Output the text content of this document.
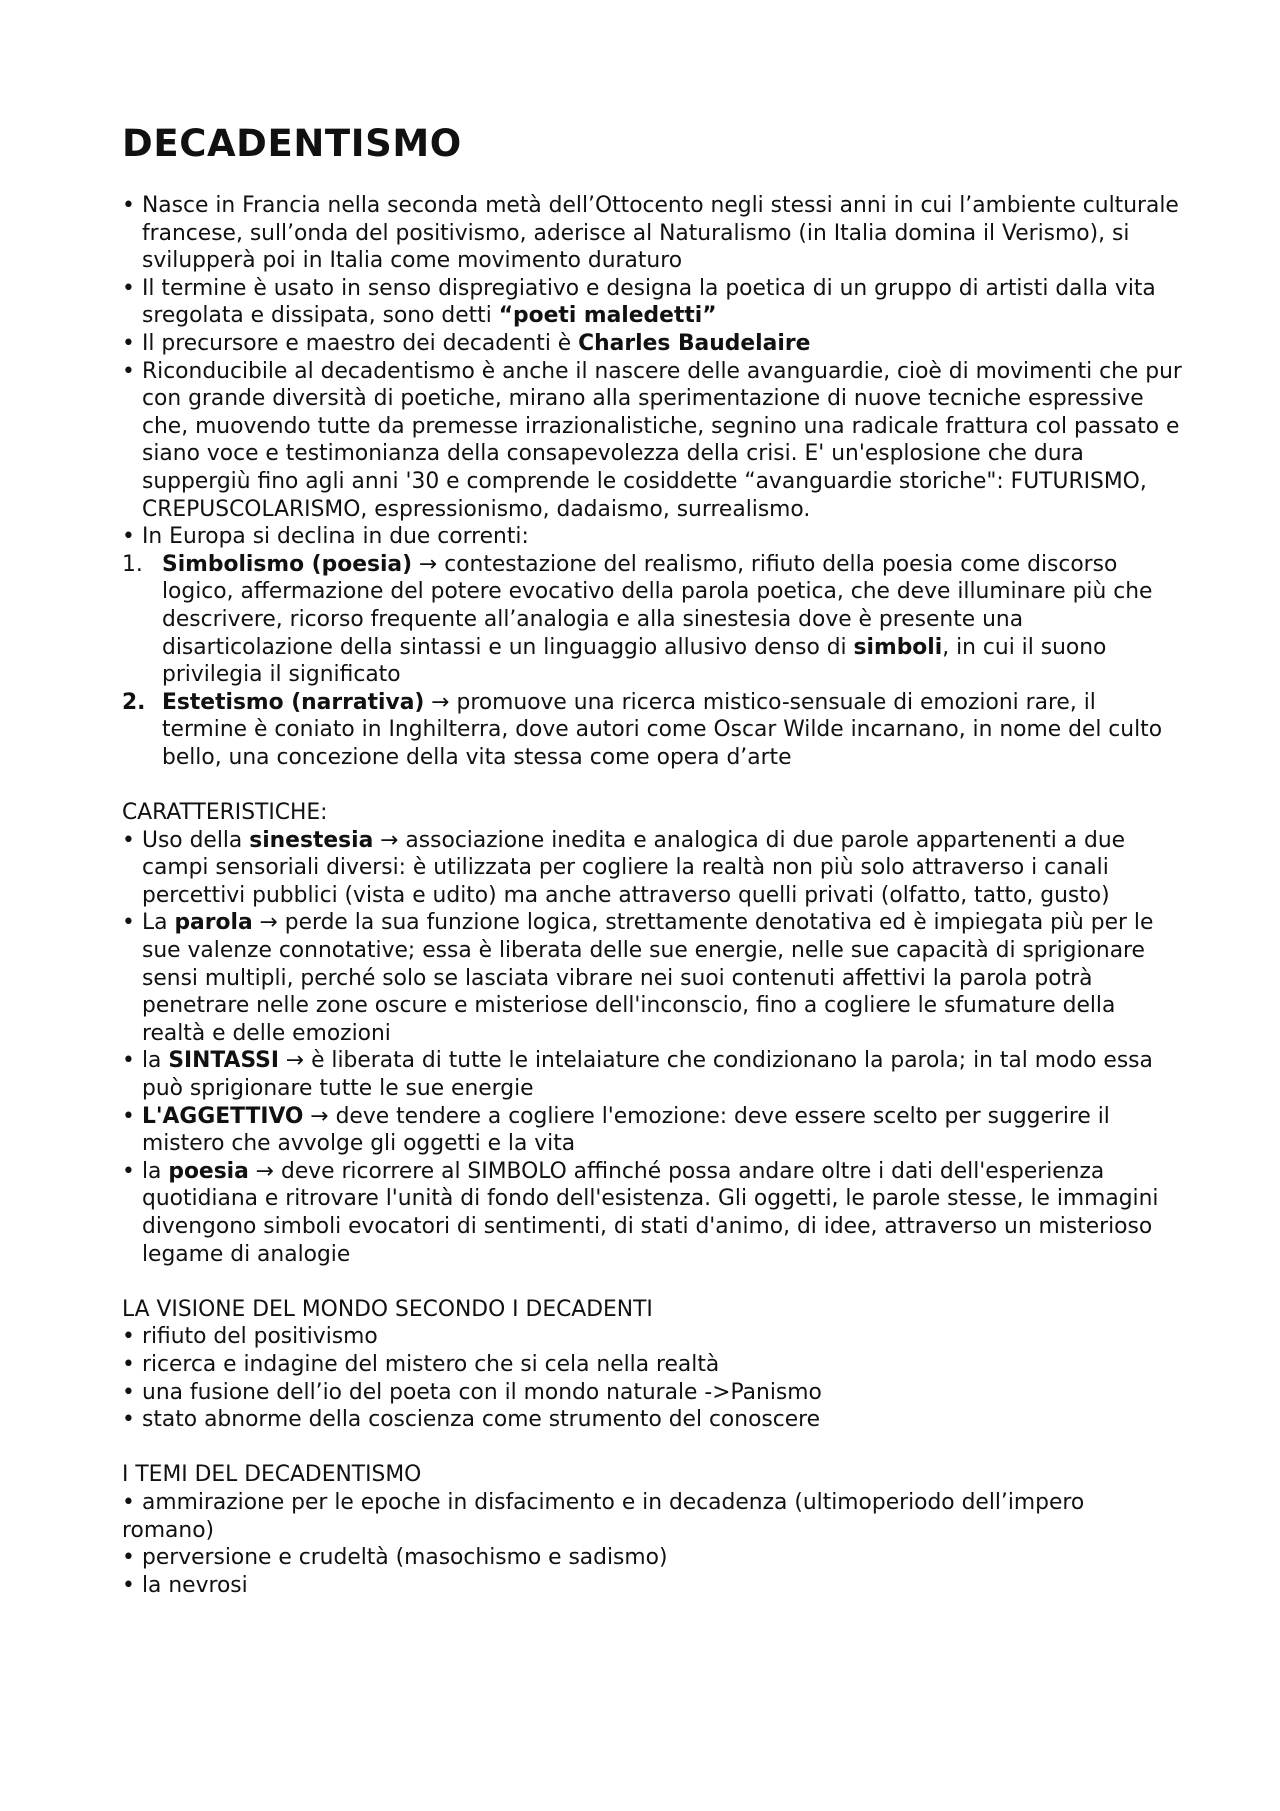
DECADENTISMO
• Nasce in Francia nella seconda metà dell’Ottocento negli stessi anni in cui l’ambiente culturale francese, sull’onda del positivismo, aderisce al Naturalismo (in Italia domina il Verismo), si svilupperà poi in Italia come movimento duraturo
• Il termine è usato in senso dispregiativo e designa la poetica di un gruppo di artisti dalla vita sregolata e dissipata, sono detti “poeti maledetti”
• Il precursore e maestro dei decadenti è Charles Baudelaire
• Riconducibile al decadentismo è anche il nascere delle avanguardie, cioè di movimenti che pur con grande diversità di poetiche, mirano alla sperimentazione di nuove tecniche espressive che, muovendo tutte da premesse irrazionalistiche, segnino una radicale frattura col passato e siano voce e testimonianza della consapevolezza della crisi. E' un'esplosione che dura suppergiù fino agli anni '30 e comprende le cosiddette “avanguardie storiche": FUTURISMO, CREPUSCOLARISMO, espressionismo, dadaismo, surrealismo.
• In Europa si declina in due correnti:
1. Simbolismo (poesia) → contestazione del realismo, rifiuto della poesia come discorso logico, affermazione del potere evocativo della parola poetica, che deve illuminare più che descrivere, ricorso frequente all’analogia e alla sinestesia dove è presente una disarticolazione della sintassi e un linguaggio allusivo denso di simboli, in cui il suono privilegia il significato
2. Estetismo (narrativa) → promuove una ricerca mistico-sensuale di emozioni rare, il termine è coniato in Inghilterra, dove autori come Oscar Wilde incarnano, in nome del culto bello, una concezione della vita stessa come opera d’arte

CARATTERISTICHE:

• Uso della sinestesia → associazione inedita e analogica di due parole appartenenti a due campi sensoriali diversi: è utilizzata per cogliere la realtà non più solo attraverso i canali percettivi pubblici (vista e udito) ma anche attraverso quelli privati (olfatto, tatto, gusto)
• La parola → perde la sua funzione logica, strettamente denotativa ed è impiegata più per le sue valenze connotative; essa è liberata delle sue energie, nelle sue capacità di sprigionare sensi multipli, perché solo se lasciata vibrare nei suoi contenuti affettivi la parola potrà penetrare nelle zone oscure e misteriose dell'inconscio, fino a cogliere le sfumature della realtà e delle emozioni
• la SINTASSI → è liberata di tutte le intelaiature che condizionano la parola; in tal modo essa può sprigionare tutte le sue energie
• L'AGGETTIVO → deve tendere a cogliere l'emozione: deve essere scelto per suggerire il mistero che avvolge gli oggetti e la vita
• la poesia → deve ricorrere al SIMBOLO affinché possa andare oltre i dati dell'esperienza quotidiana e ritrovare l'unità di fondo dell'esistenza. Gli oggetti, le parole stesse, le immagini divengono simboli evocatori di sentimenti, di stati d'animo, di idee, attraverso un misterioso legame di analogie

LA VISIONE DEL MONDO SECONDO I DECADENTI

• rifiuto del positivismo
• ricerca e indagine del mistero che si cela nella realtà
• una fusione dell’io del poeta con il mondo naturale ->Panismo
• stato abnorme della coscienza come strumento del conoscere

I TEMI DEL DECADENTISMO

• ammirazione per le epoche in disfacimento e in decadenza (ultimoperiodo dell’impero
romano)
• perversione e crudeltà (masochismo e sadismo)
• la nevrosi
